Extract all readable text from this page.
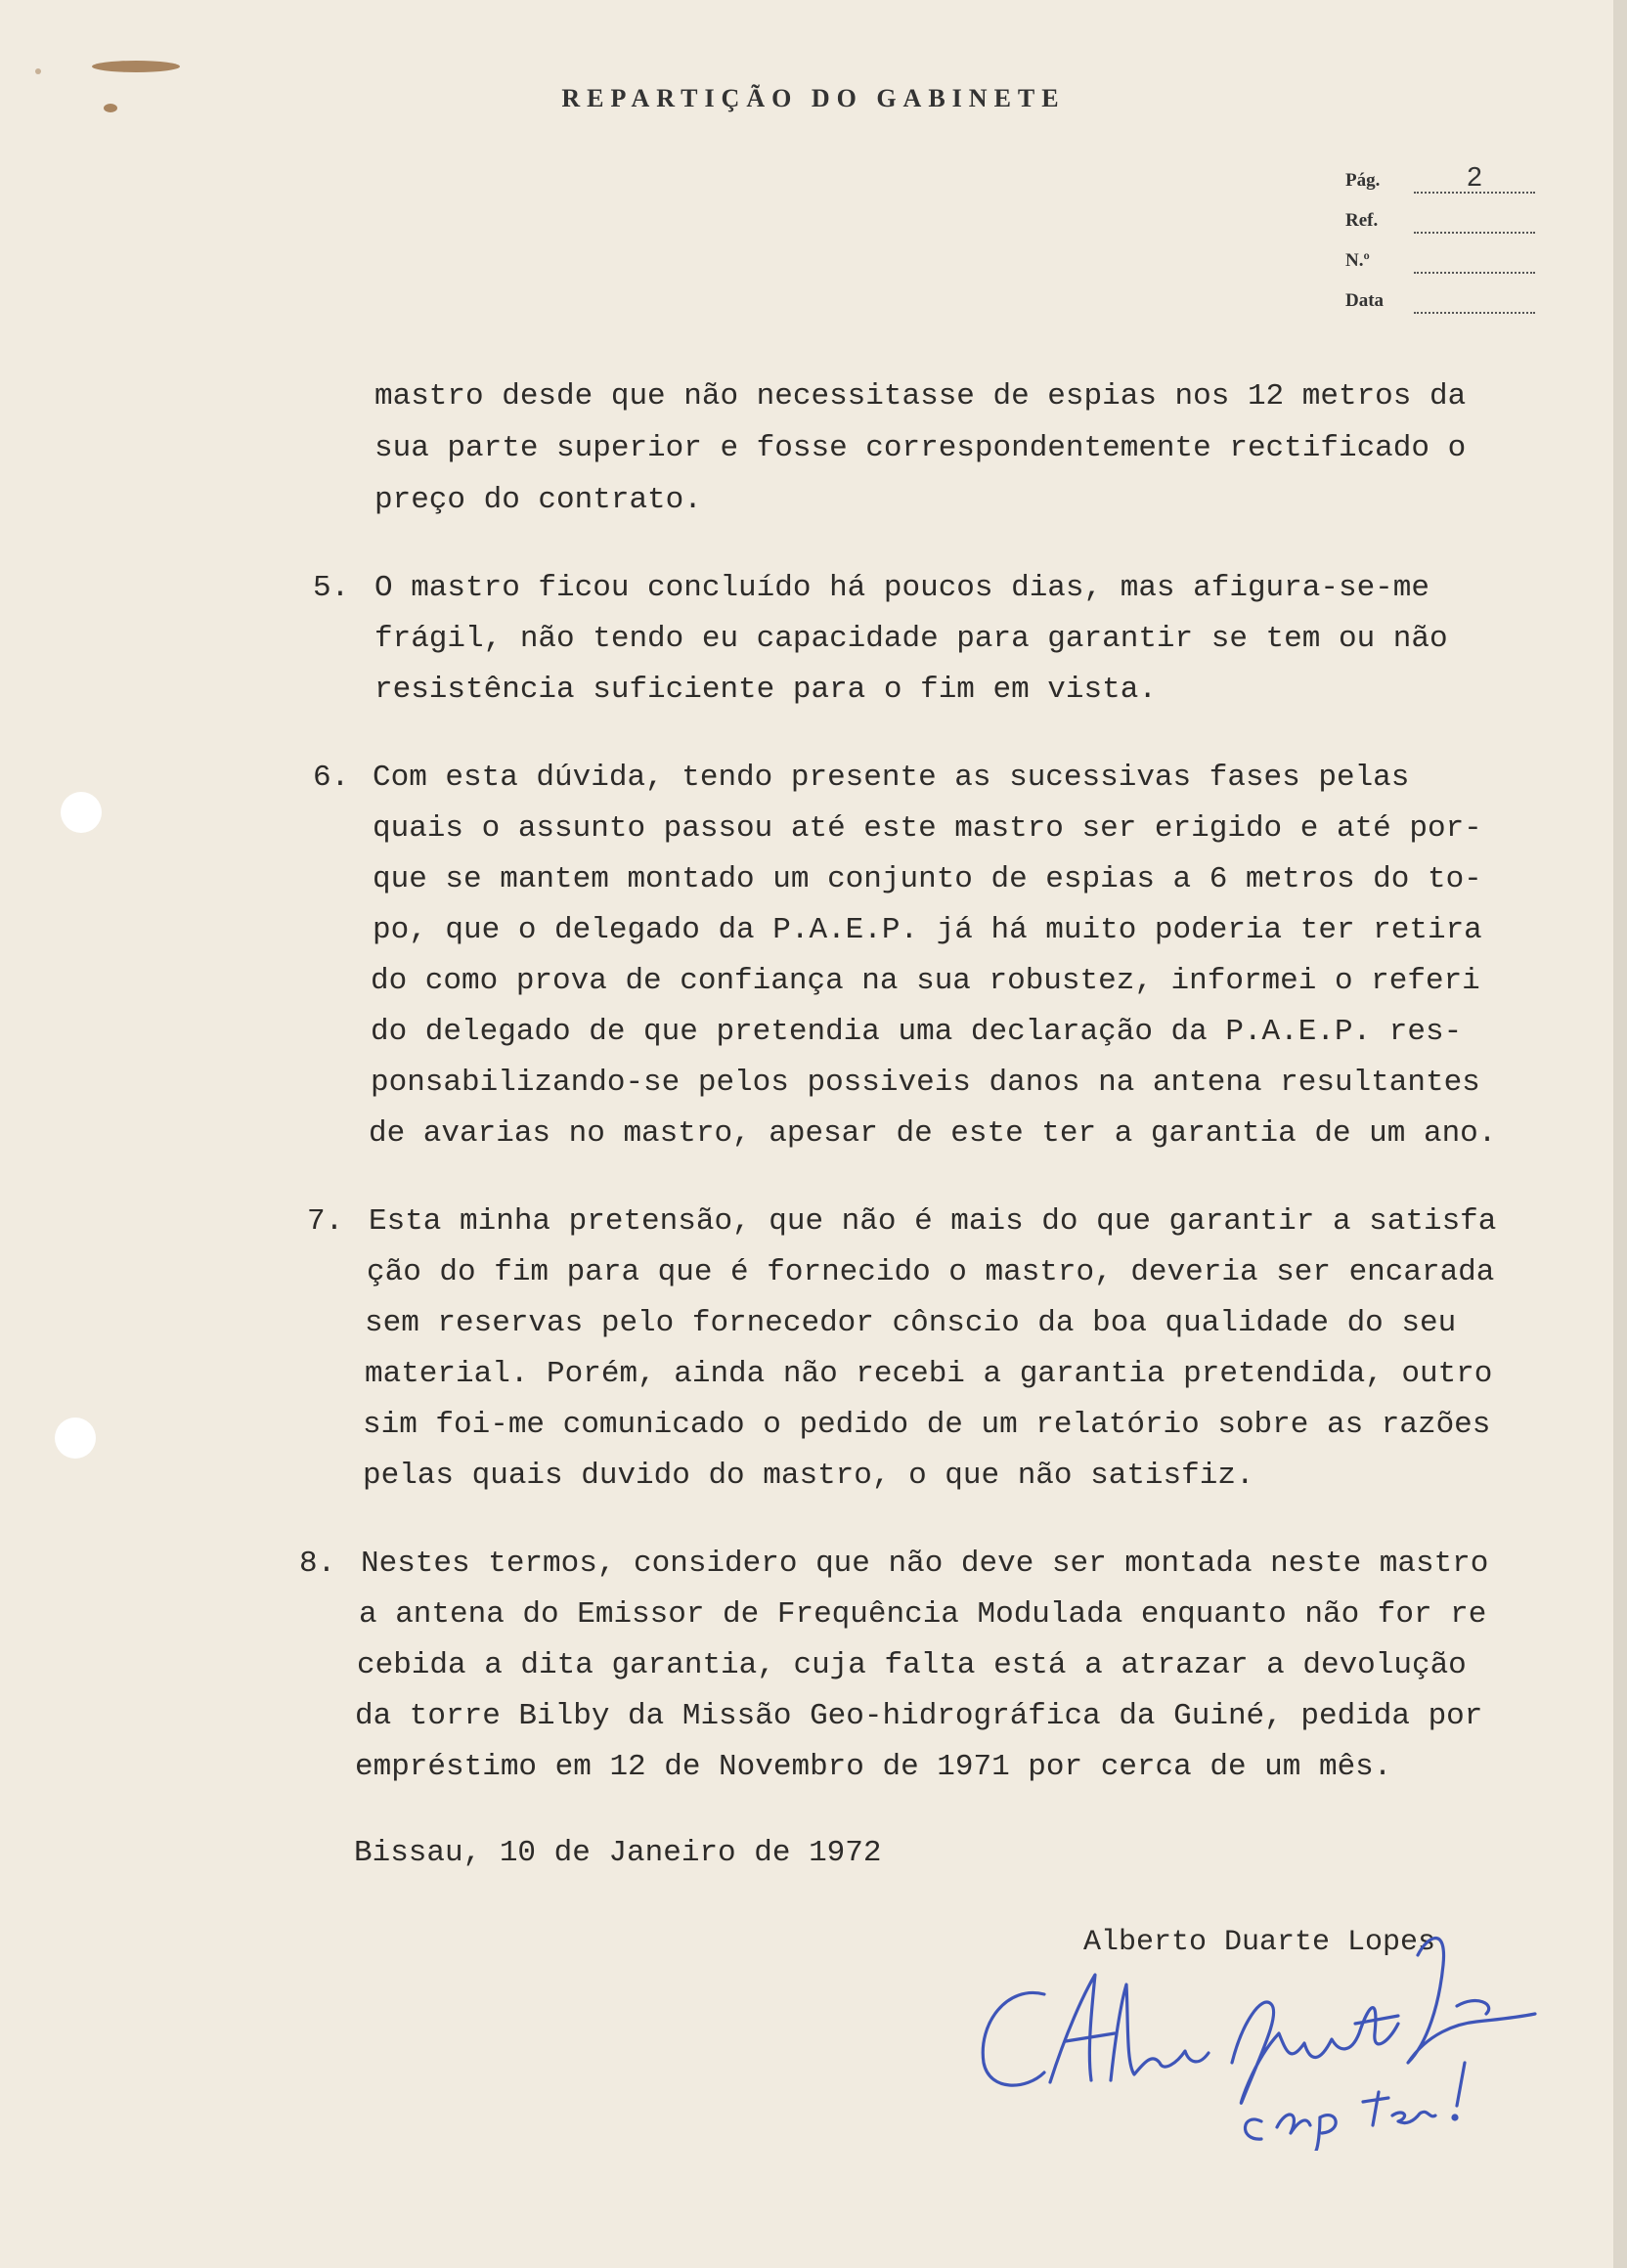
REPARTIÇÃO DO GABINETE
Pág.	2
Ref.
N.º
Data
mastro desde que não necessitasse de espias nos 12 metros da
sua parte superior e fosse correspondentemente rectificado o
preço do contrato.
5. O mastro ficou concluído há poucos dias, mas afigura-se-me
frágil, não tendo eu capacidade para garantir se tem ou não
resistência suficiente para o fim em vista.
6. Com esta dúvida, tendo presente as sucessivas fases pelas
quais o assunto passou até este mastro ser erigido e até por-
que se mantem montado um conjunto de espias a 6 metros do to-
po, que o delegado da P.A.E.P. já há muito poderia ter retira
do como prova de confiança na sua robustez, informei o referi
do delegado de que pretendia uma declaração da P.A.E.P. res-
ponsabilizando-se pelos possiveis danos na antena resultantes
de avarias no mastro, apesar de este ter a garantia de um ano.
7. Esta minha pretensão, que não é mais do que garantir a satisfa
ção do fim para que é fornecido o mastro, deveria ser encarada
sem reservas pelo fornecedor cônscio da boa qualidade do seu
material. Porém, ainda não recebi a garantia pretendida, outro
sim foi-me comunicado o pedido de um relatório sobre as razões
pelas quais duvido do mastro, o que não satisfiz.
8. Nestes termos, considero que não deve ser montada neste mastro
a antena do Emissor de Frequência Modulada enquanto não for re
cebida a dita garantia, cuja falta está a atrazar a devolução
da torre Bilby da Missão Geo-hidrográfica da Guiné, pedida por
empréstimo em 12 de Novembro de 1971 por cerca de um mês.
Bissau, 10 de Janeiro de 1972
Alberto Duarte Lopes
